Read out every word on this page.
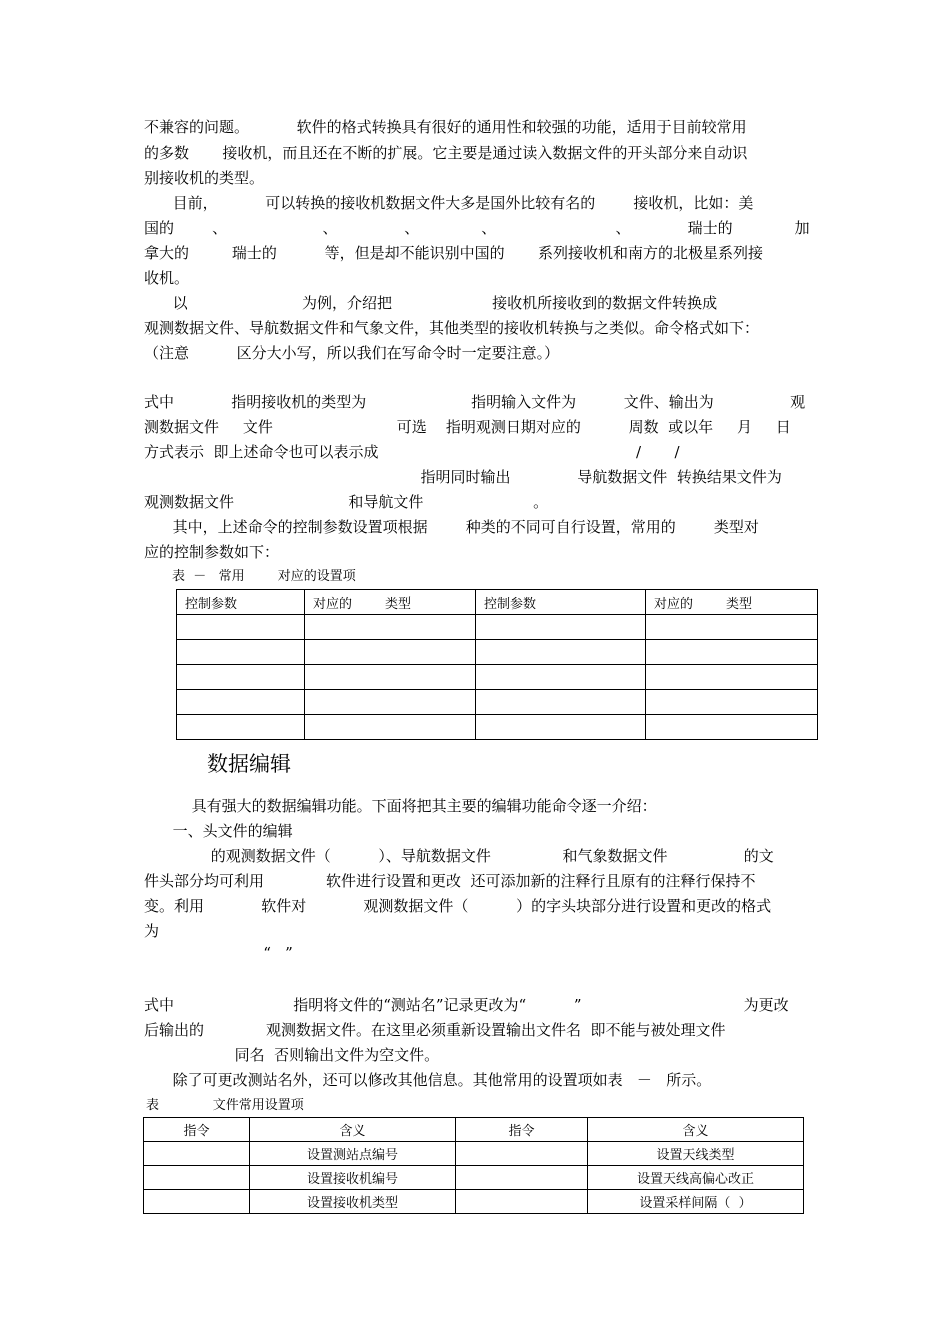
不兼容的问题。          软件的格式转换具有很好的通用性和较强的功能，适用于目前较常用
的多数       接收机，而且还在不断的扩展。它主要是通过读入数据文件的开头部分来自动识
别接收机的类型。
目前，          可以转换的接收机数据文件大多是国外比较有名的        接收机，比如：美
国的        、                    、              、             、                         、            瑞士的             加
拿大的         瑞士的          等，但是却不能识别中国的       系列接收机和南方的北极星系列接
收机。
以                        为例，介绍把                     接收机所接收到的数据文件转换成
观测数据文件、导航数据文件和气象文件，其他类型的接收机转换与之类似。命令格式如下：
（注意          区分大小写，所以我们在写命令时一定要注意。）
式中            指明接收机的类型为                      指明输入文件为          文件、输出为                观
测数据文件     文件                          可选    指明观测日期对应的          周数  或以年     月     日
方式表示  即上述命令也可以表示成                                                      /       /
指明同时输出              导航数据文件  转换结果文件为
观测数据文件                        和导航文件                       。
其中，上述命令的控制参数设置项根据        种类的不同可自行设置，常用的        类型对
应的控制参数如下：
表  －   常用        对应的设置项
控制参数	对应的        类型	控制参数	对应的        类型

数据编辑
具有强大的数据编辑功能。下面将把其主要的编辑功能命令逐一介绍：
一、头文件的编辑
的观测数据文件（          ）、导航数据文件               和气象数据文件                的文
件头部分均可利用             软件进行设置和更改  还可添加新的注释行且原有的注释行保持不
变。利用            软件对            观测数据文件（          ）的字头块部分进行设置和更改的格式
为
“   ”
式中                         指明将文件的“测站名”记录更改为“          ”                                  为更改
后输出的             观测数据文件。在这里必须重新设置输出文件名  即不能与被处理文件
同名  否则输出文件为空文件。
除了可更改测站名外，还可以修改其他信息。其他常用的设置项如表   －   所示。
表             文件常用设置项
指令	含义	指令	含义
	设置测站点编号		设置天线类型
	设置接收机编号		设置天线高偏心改正
	设置接收机类型		设置采样间隔（  ）
